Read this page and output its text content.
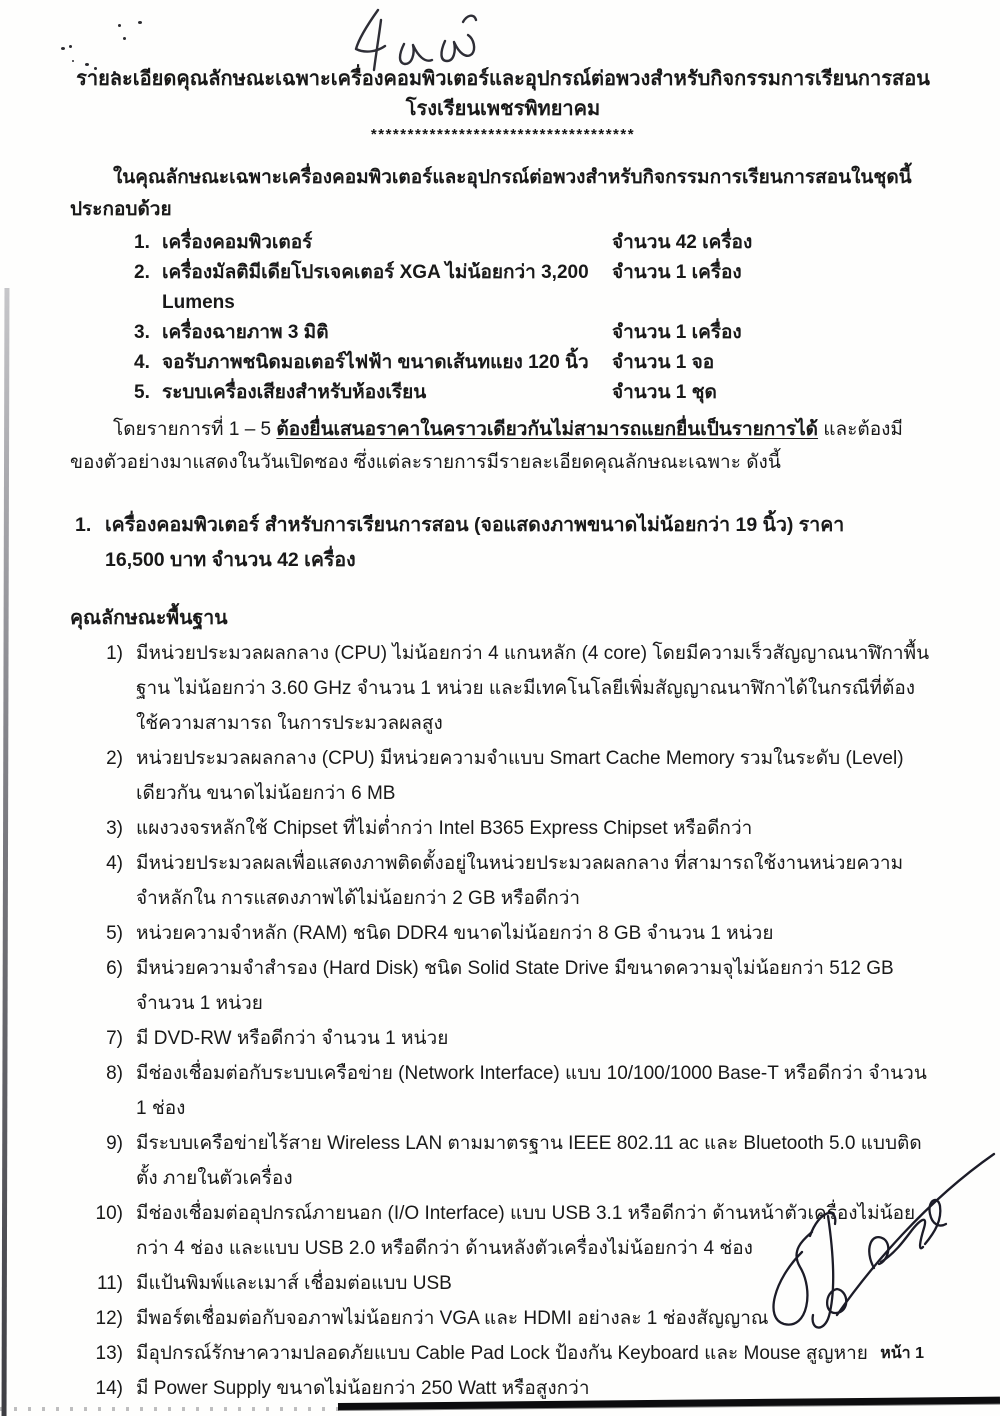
รายละเอียดคุณลักษณะเฉพาะเครื่องคอมพิวเตอร์และอุปกรณ์ต่อพวงสำหรับกิจกรรมการเรียนการสอน
โรงเรียนเพชรพิทยาคม
************************************
ในคุณลักษณะเฉพาะเครื่องคอมพิวเตอร์และอุปกรณ์ต่อพวงสำหรับกิจกรรมการเรียนการสอนในชุดนี้ประกอบด้วย
1. เครื่องคอมพิวเตอร์	จำนวน 42 เครื่อง
2. เครื่องมัลติมีเดียโปรเจคเตอร์ XGA ไม่น้อยกว่า 3,200 Lumens
จำนวน 1 เครื่อง
3. เครื่องฉายภาพ 3 มิติ	จำนวน 1 เครื่อง
4. จอรับภาพชนิดมอเตอร์ไฟฟ้า ขนาดเส้นทแยง 120 นิ้ว	จำนวน 1 จอ
5. ระบบเครื่องเสียงสำหรับห้องเรียน	จำนวน 1 ชุด
โดยรายการที่ 1 – 5 ต้องยื่นเสนอราคาในคราวเดียวกันไม่สามารถแยกยื่นเป็นรายการได้ และต้องมีของตัวอย่างมาแสดงในวันเปิดซอง ซึ่งแต่ละรายการมีรายละเอียดคุณลักษณะเฉพาะ ดังนี้
1. เครื่องคอมพิวเตอร์ สำหรับการเรียนการสอน (จอแสดงภาพขนาดไม่น้อยกว่า 19 นิ้ว) ราคา 16,500 บาท จำนวน 42 เครื่อง
คุณลักษณะพื้นฐาน
1) มีหน่วยประมวลผลกลาง (CPU) ไม่น้อยกว่า 4 แกนหลัก (4 core) โดยมีความเร็วสัญญาณนาฬิกาพื้นฐาน ไม่น้อยกว่า 3.60 GHz จำนวน 1 หน่วย และมีเทคโนโลยีเพิ่มสัญญาณนาฬิกาได้ในกรณีที่ต้องใช้ความสามารถ ในการประมวลผลสูง
2) หน่วยประมวลผลกลาง (CPU) มีหน่วยความจำแบบ Smart Cache Memory รวมในระดับ (Level) เดียวกัน ขนาดไม่น้อยกว่า 6 MB
3) แผงวงจรหลักใช้ Chipset ที่ไม่ต่ำกว่า Intel B365 Express Chipset หรือดีกว่า
4) มีหน่วยประมวลผลเพื่อแสดงภาพติดตั้งอยู่ในหน่วยประมวลผลกลาง ที่สามารถใช้งานหน่วยความจำหลักใน การแสดงภาพได้ไม่น้อยกว่า 2 GB หรือดีกว่า
5) หน่วยความจำหลัก (RAM) ชนิด DDR4 ขนาดไม่น้อยกว่า 8 GB จำนวน 1 หน่วย
6) มีหน่วยความจำสำรอง (Hard Disk) ชนิด Solid State Drive มีขนาดความจุไม่น้อยกว่า 512 GB จำนวน 1 หน่วย
7) มี DVD-RW หรือดีกว่า จำนวน 1 หน่วย
8) มีช่องเชื่อมต่อกับระบบเครือข่าย (Network Interface) แบบ 10/100/1000 Base-T หรือดีกว่า จำนวน 1 ช่อง
9) มีระบบเครือข่ายไร้สาย Wireless LAN ตามมาตรฐาน IEEE 802.11 ac และ Bluetooth 5.0 แบบติดตั้ง ภายในตัวเครื่อง
10) มีช่องเชื่อมต่ออุปกรณ์ภายนอก (I/O Interface) แบบ USB 3.1 หรือดีกว่า ด้านหน้าตัวเครื่องไม่น้อยกว่า 4 ช่อง และแบบ USB 2.0 หรือดีกว่า ด้านหลังตัวเครื่องไม่น้อยกว่า 4 ช่อง
11) มีแป้นพิมพ์และเมาส์ เชื่อมต่อแบบ USB
12) มีพอร์ตเชื่อมต่อกับจอภาพไม่น้อยกว่า VGA และ HDMI อย่างละ 1 ช่องสัญญาณ
13) มีอุปกรณ์รักษาความปลอดภัยแบบ Cable Pad Lock ป้องกัน Keyboard และ Mouse สูญหาย
14) มี Power Supply ขนาดไม่น้อยกว่า 250 Watt หรือสูงกว่า
หน้า 1
